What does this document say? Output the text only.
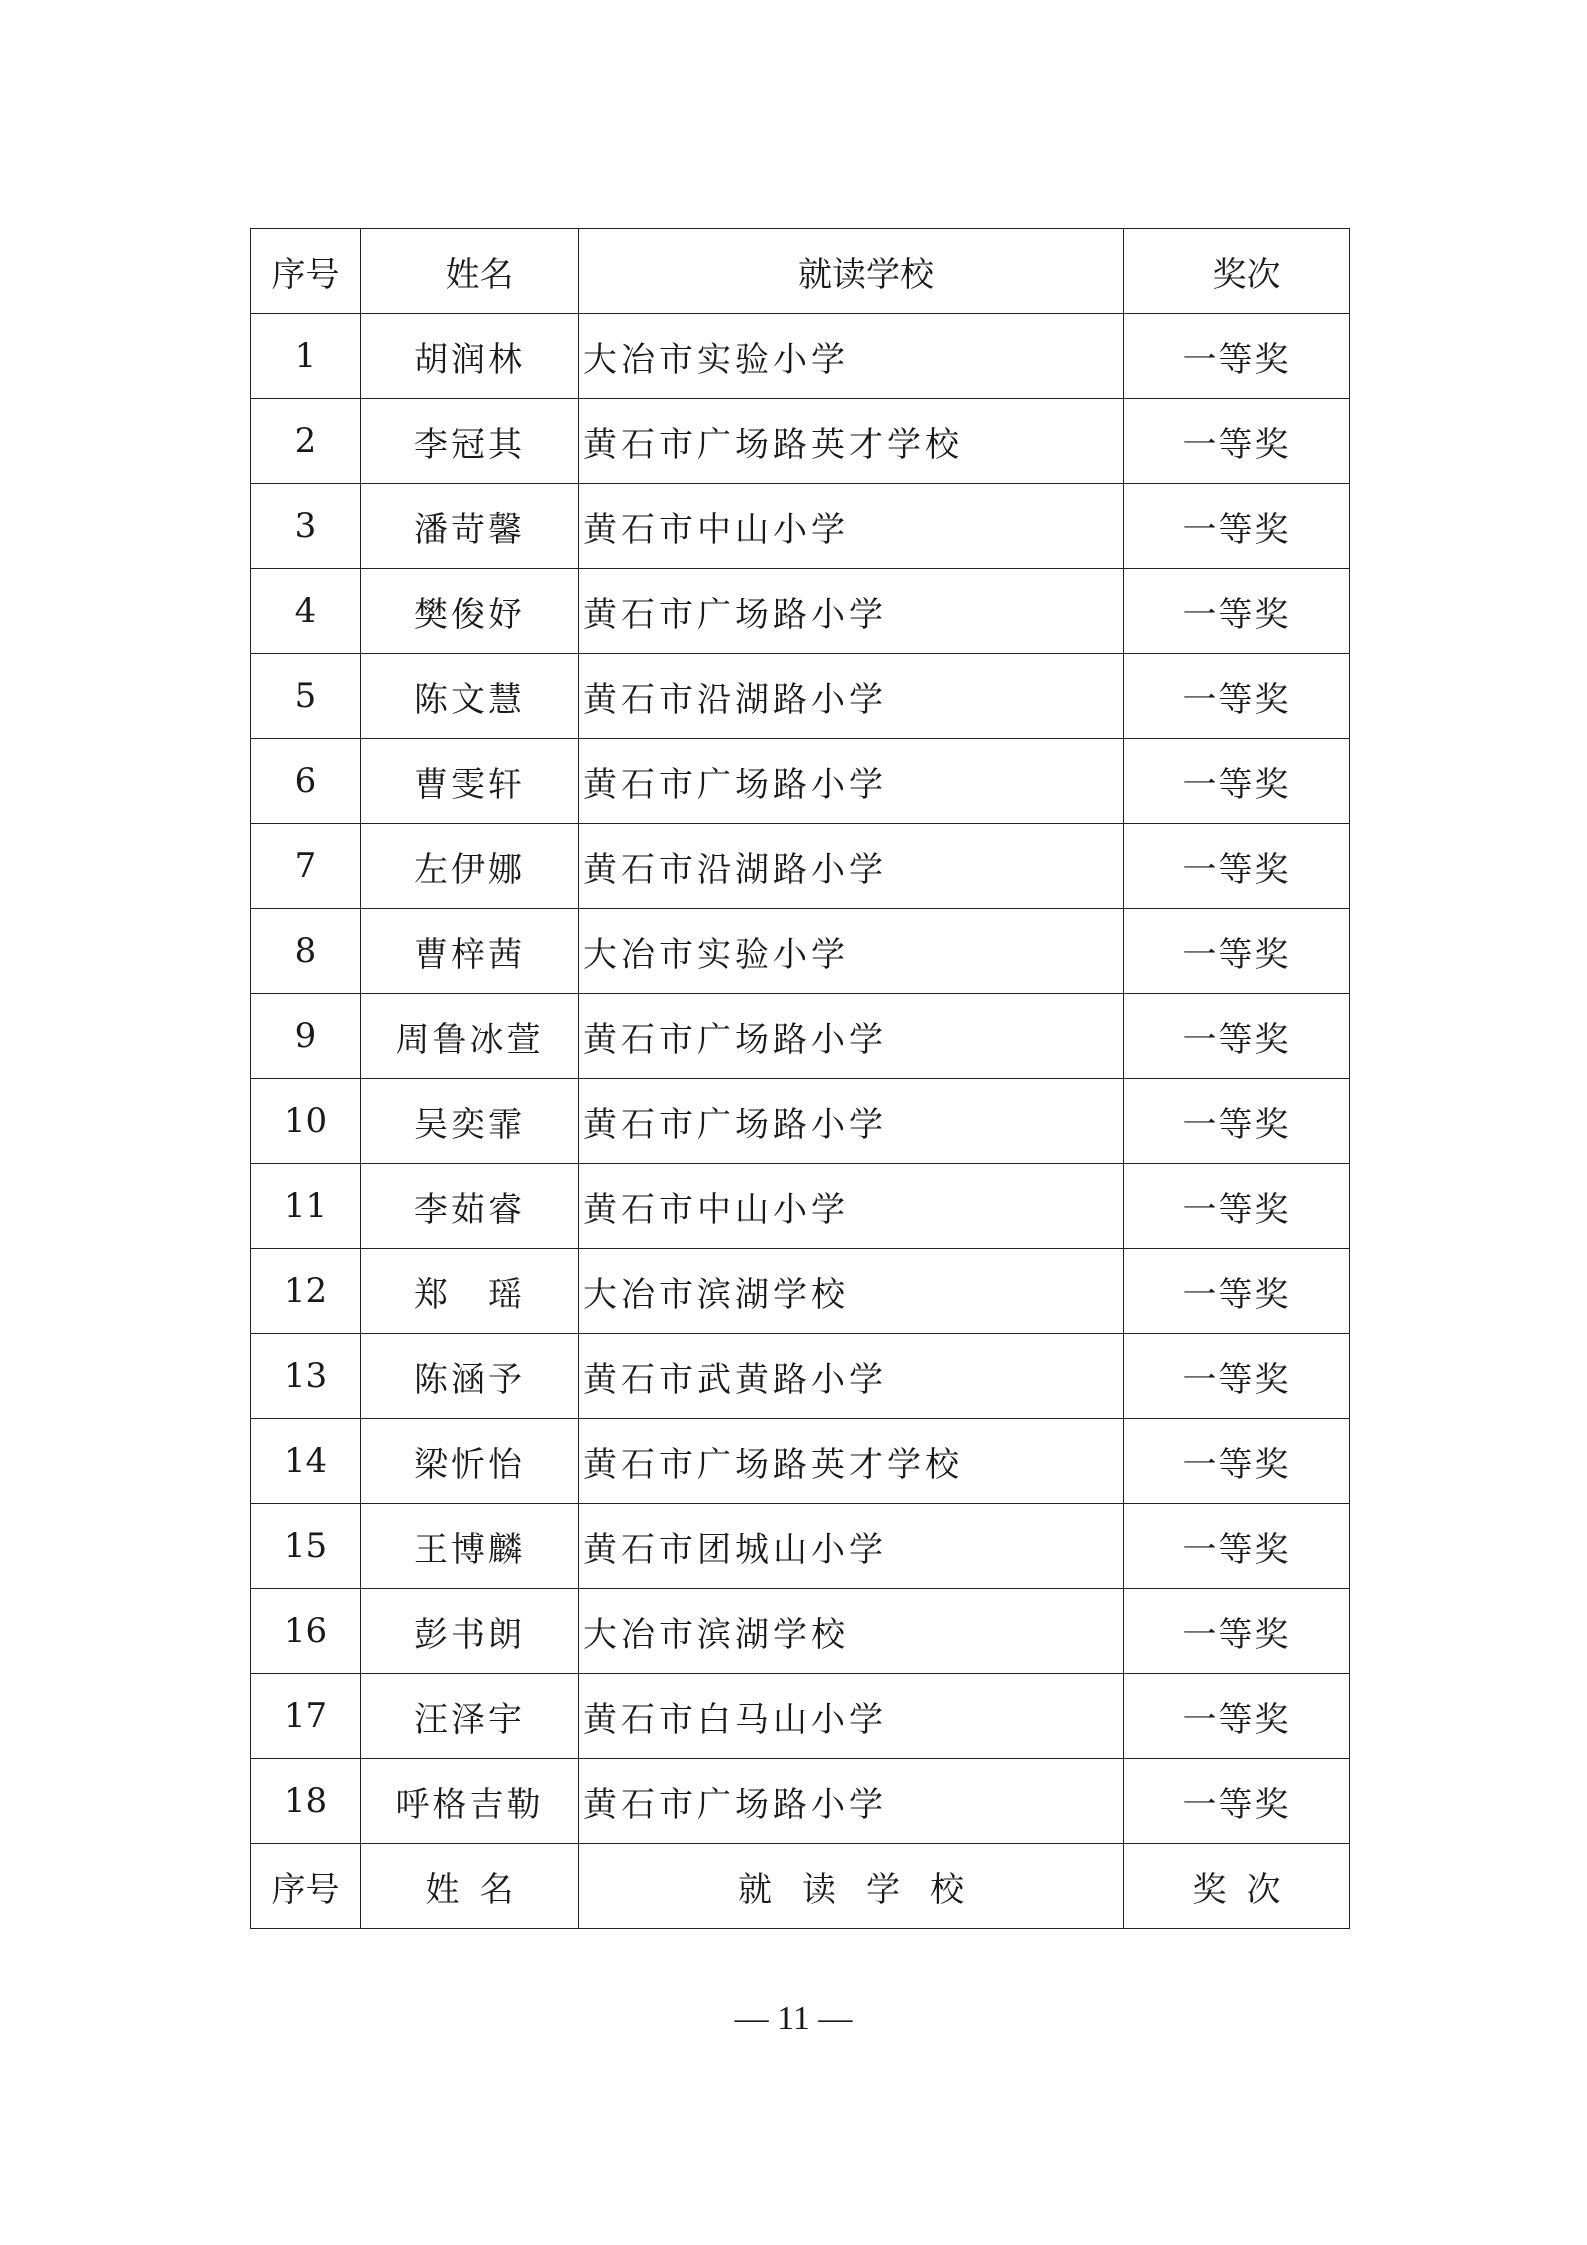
序号	姓名	就读学校	奖次
1	胡润林	大冶市实验小学	一等奖
2	李冠其	黄石市广场路英才学校	一等奖
3	潘苛馨	黄石市中山小学	一等奖
4	樊俊妤	黄石市广场路小学	一等奖
5	陈文慧	黄石市沿湖路小学	一等奖
6	曹雯轩	黄石市广场路小学	一等奖
7	左伊娜	黄石市沿湖路小学	一等奖
8	曹梓茜	大冶市实验小学	一等奖
9	周鲁冰萱	黄石市广场路小学	一等奖
10	吴奕霏	黄石市广场路小学	一等奖
11	李茹睿	黄石市中山小学	一等奖
12	郑　瑶	大冶市滨湖学校	一等奖
13	陈涵予	黄石市武黄路小学	一等奖
14	梁忻怡	黄石市广场路英才学校	一等奖
15	王博麟	黄石市团城山小学	一等奖
16	彭书朗	大冶市滨湖学校	一等奖
17	汪泽宇	黄石市白马山小学	一等奖
18	呼格吉勒	黄石市广场路小学	一等奖
序号	姓名	就读学校	奖次
— 11 —
